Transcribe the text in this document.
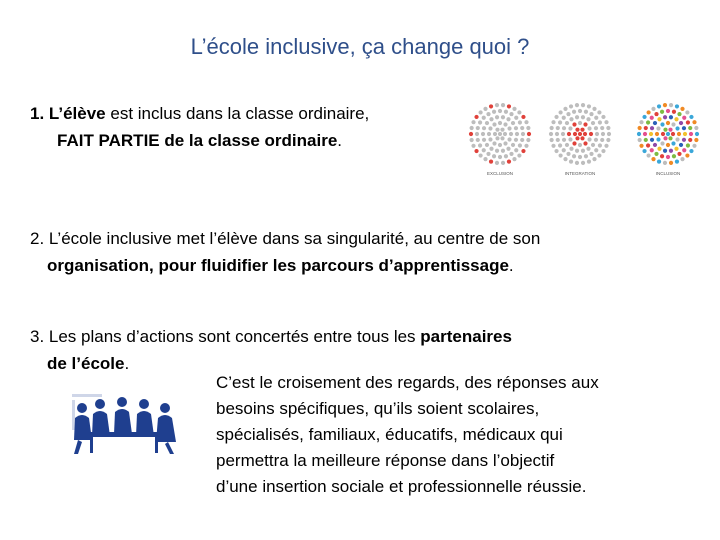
L’école inclusive, ça change quoi ?
1. L’élève est inclus dans la classe ordinaire,
FAIT PARTIE de la classe ordinaire.
EXCLUSION	INTEGRATION	INCLUSION
2. L’école inclusive met l’élève dans sa singularité, au centre de son
organisation, pour fluidifier les parcours d’apprentissage.
3. Les plans d’actions sont concertés entre tous les partenaires
de l’école.
C’est le croisement des regards, des réponses aux
besoins spécifiques, qu’ils soient scolaires,
spécialisés, familiaux, éducatifs, médicaux qui
permettra la meilleure réponse dans l’objectif
d’une insertion sociale et professionnelle réussie.
